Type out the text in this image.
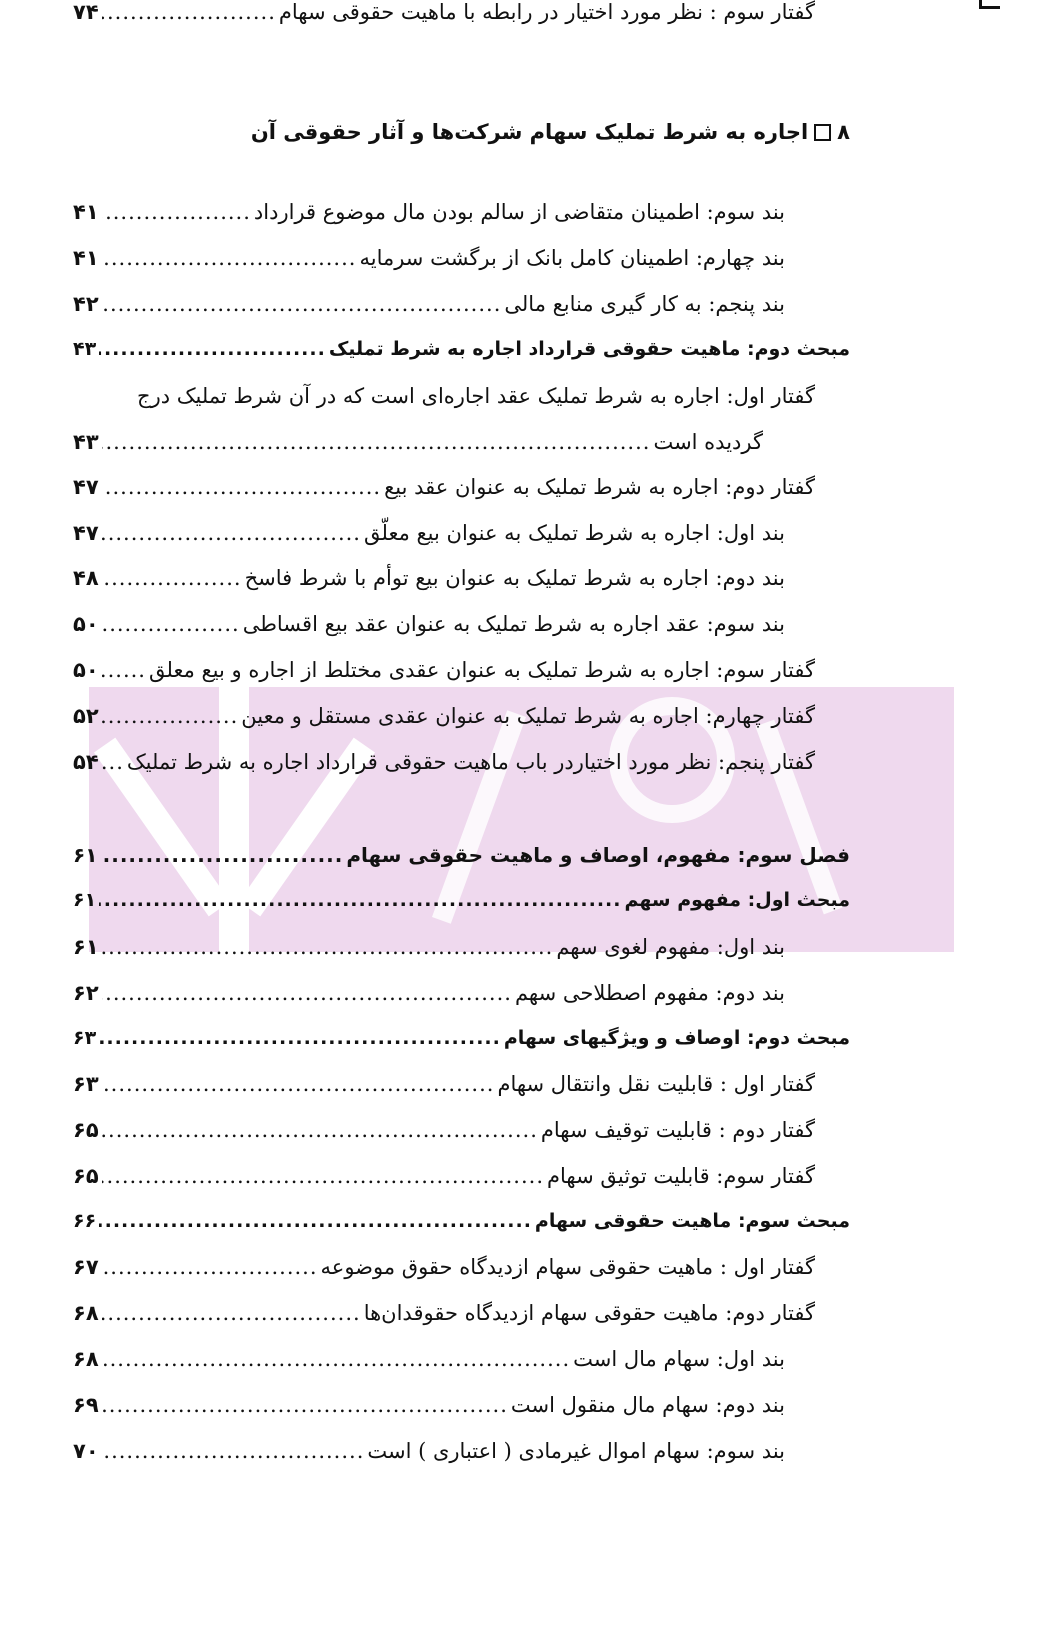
۸
اجاره به شرط تملیک سهام شرکت‌ها و آثار حقوقی آن
بند سوم: اطمینان متقاضی از سالم بودن مال موضوع قرارداد
.....
۴۱
بند چهارم: اطمینان کامل بانک از برگشت سرمایه
.....
۴۱
بند پنجم: به کار گیری منابع مالی
.....
۴۲
مبحث دوم: ماهیت حقوقی قرارداد اجاره به شرط تملیک
.....
۴۳
گفتار اول: اجاره به شرط تملیک عقد اجاره‌ای است که در آن شرط تملیک درج
گردیده است
.....
۴۳
گفتار دوم: اجاره به شرط تملیک به عنوان عقد بیع
.....
۴۷
بند اول: اجاره به شرط تملیک به عنوان بیع معلّق
.....
۴۷
بند دوم: اجاره به شرط تملیک به عنوان بیع توأم با شرط فاسخ
.....
۴۸
بند سوم: عقد اجاره به شرط تملیک به عنوان عقد بیع اقساطی
.....
۵۰
گفتار سوم: اجاره به شرط تملیک به عنوان عقدی مختلط از اجاره و بیع معلق
.....
۵۰
گفتار چهارم: اجاره به شرط تملیک به عنوان عقدی مستقل و معین
.....
۵۲
گفتار پنجم: نظر مورد اختیاردر باب ماهیت حقوقی قرارداد اجاره به شرط تملیک
.....
۵۴
فصل سوم: مفهوم، اوصاف و ماهیت حقوقی سهام
.....
۶۱
مبحث اول: مفهوم سهم
.....
۶۱
بند اول: مفهوم لغوی سهم
.....
۶۱
بند دوم: مفهوم اصطلاحی سهم
.....
۶۲
مبحث دوم: اوصاف و ویژگیهای سهام
.....
۶۳
گفتار اول : قابلیت نقل وانتقال سهام
.....
۶۳
گفتار دوم : قابلیت توقیف سهام
.....
۶۵
گفتار سوم: قابلیت توثیق سهام
.....
۶۵
مبحث سوم: ماهیت حقوقی سهام
.....
۶۶
گفتار اول : ماهیت حقوقی سهام ازدیدگاه حقوق موضوعه
.....
۶۷
گفتار دوم: ماهیت حقوقی سهام ازدیدگاه حقوقدان‌ها
.....
۶۸
بند اول: سهام مال است
.....
۶۸
بند دوم: سهام مال منقول است
.....
۶۹
بند سوم: سهام اموال غیرمادی ( اعتباری ) است
.....
۷۰
گفتار سوم : نظر مورد اختیار در رابطه با ماهیت حقوقی سهام
.....
۷۴
